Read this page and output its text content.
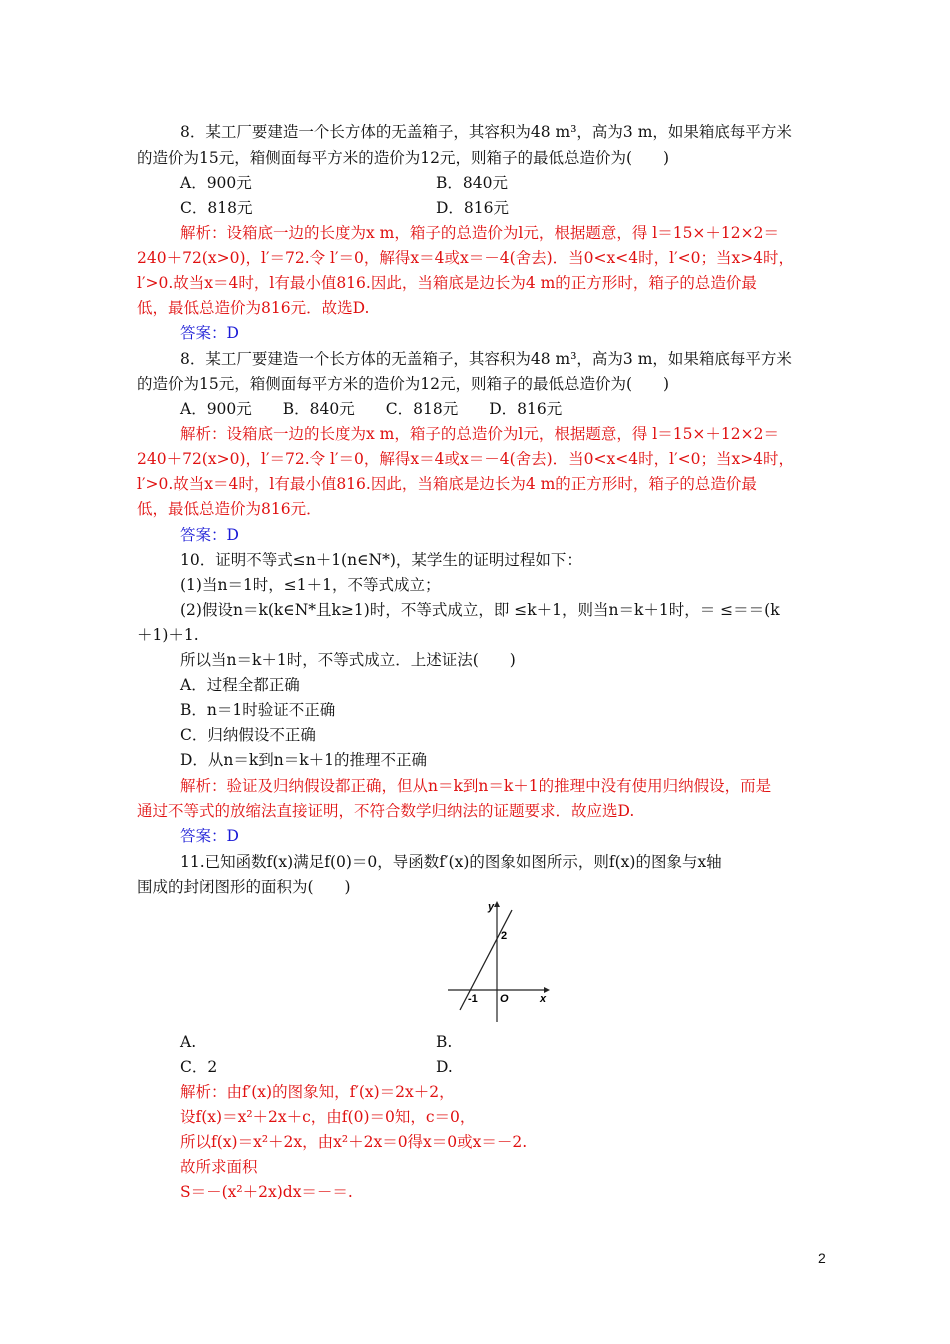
8．某工厂要建造一个长方体的无盖箱子，其容积为48 m³，高为3 m，如果箱底每平方米
的造价为15元，箱侧面每平方米的造价为12元，则箱子的最低总造价为(　　)
A．900元	B．840元
C．818元	D．816元
解析：设箱底一边的长度为x m，箱子的总造价为l元，根据题意，得 l＝15×＋12×2＝
240＋72(x>0)，l′＝72.令 l′＝0，解得x＝4或x＝－4(舍去)．当0<x<4时，l′<0；当x>4时，
l′>0.故当x＝4时，l有最小值816.因此，当箱底是边长为4 m的正方形时，箱子的总造价最
低，最低总造价为816元．故选D.
答案：D
8．某工厂要建造一个长方体的无盖箱子，其容积为48 m³，高为3 m，如果箱底每平方米
的造价为15元，箱侧面每平方米的造价为12元，则箱子的最低总造价为(　　)
A．900元　　B．840元　　C．818元　　D．816元
解析：设箱底一边的长度为x m，箱子的总造价为l元，根据题意，得 l＝15×＋12×2＝
240＋72(x>0)，l′＝72.令 l′＝0，解得x＝4或x＝－4(舍去)．当0<x<4时，l′<0；当x>4时，
l′>0.故当x＝4时，l有最小值816.因此，当箱底是边长为4 m的正方形时，箱子的总造价最
低，最低总造价为816元．
答案：D
10．证明不等式≤n＋1(n∈N*)，某学生的证明过程如下：
(1)当n＝1时，≤1＋1，不等式成立；
(2)假设n＝k(k∈N*且k≥1)时，不等式成立，即 ≤k＋1，则当n＝k＋1时，＝ ≤＝＝(k
＋1)＋1.
所以当n＝k＋1时，不等式成立．上述证法(　　)
A．过程全都正确
B．n＝1时验证不正确
C．归纳假设不正确
D．从n＝k到n＝k＋1的推理不正确
解析：验证及归纳假设都正确，但从n＝k到n＝k＋1的推理中没有使用归纳假设，而是
通过不等式的放缩法直接证明，不符合数学归纳法的证题要求．故应选D.
答案：D
11.已知函数f(x)满足f(0)＝0，导函数f′(x)的图象如图所示，则f(x)的图象与x轴
围成的封闭图形的面积为(　　)
y
x
O
2
-1
A.	B.
C．2	D.
解析：由f′(x)的图象知，f′(x)＝2x＋2，
设f(x)＝x²＋2x＋c，由f(0)＝0知，c＝0，
所以f(x)＝x²＋2x，由x²＋2x＝0得x＝0或x＝－2.
故所求面积
S＝－(x²＋2x)dx＝－＝.
2
